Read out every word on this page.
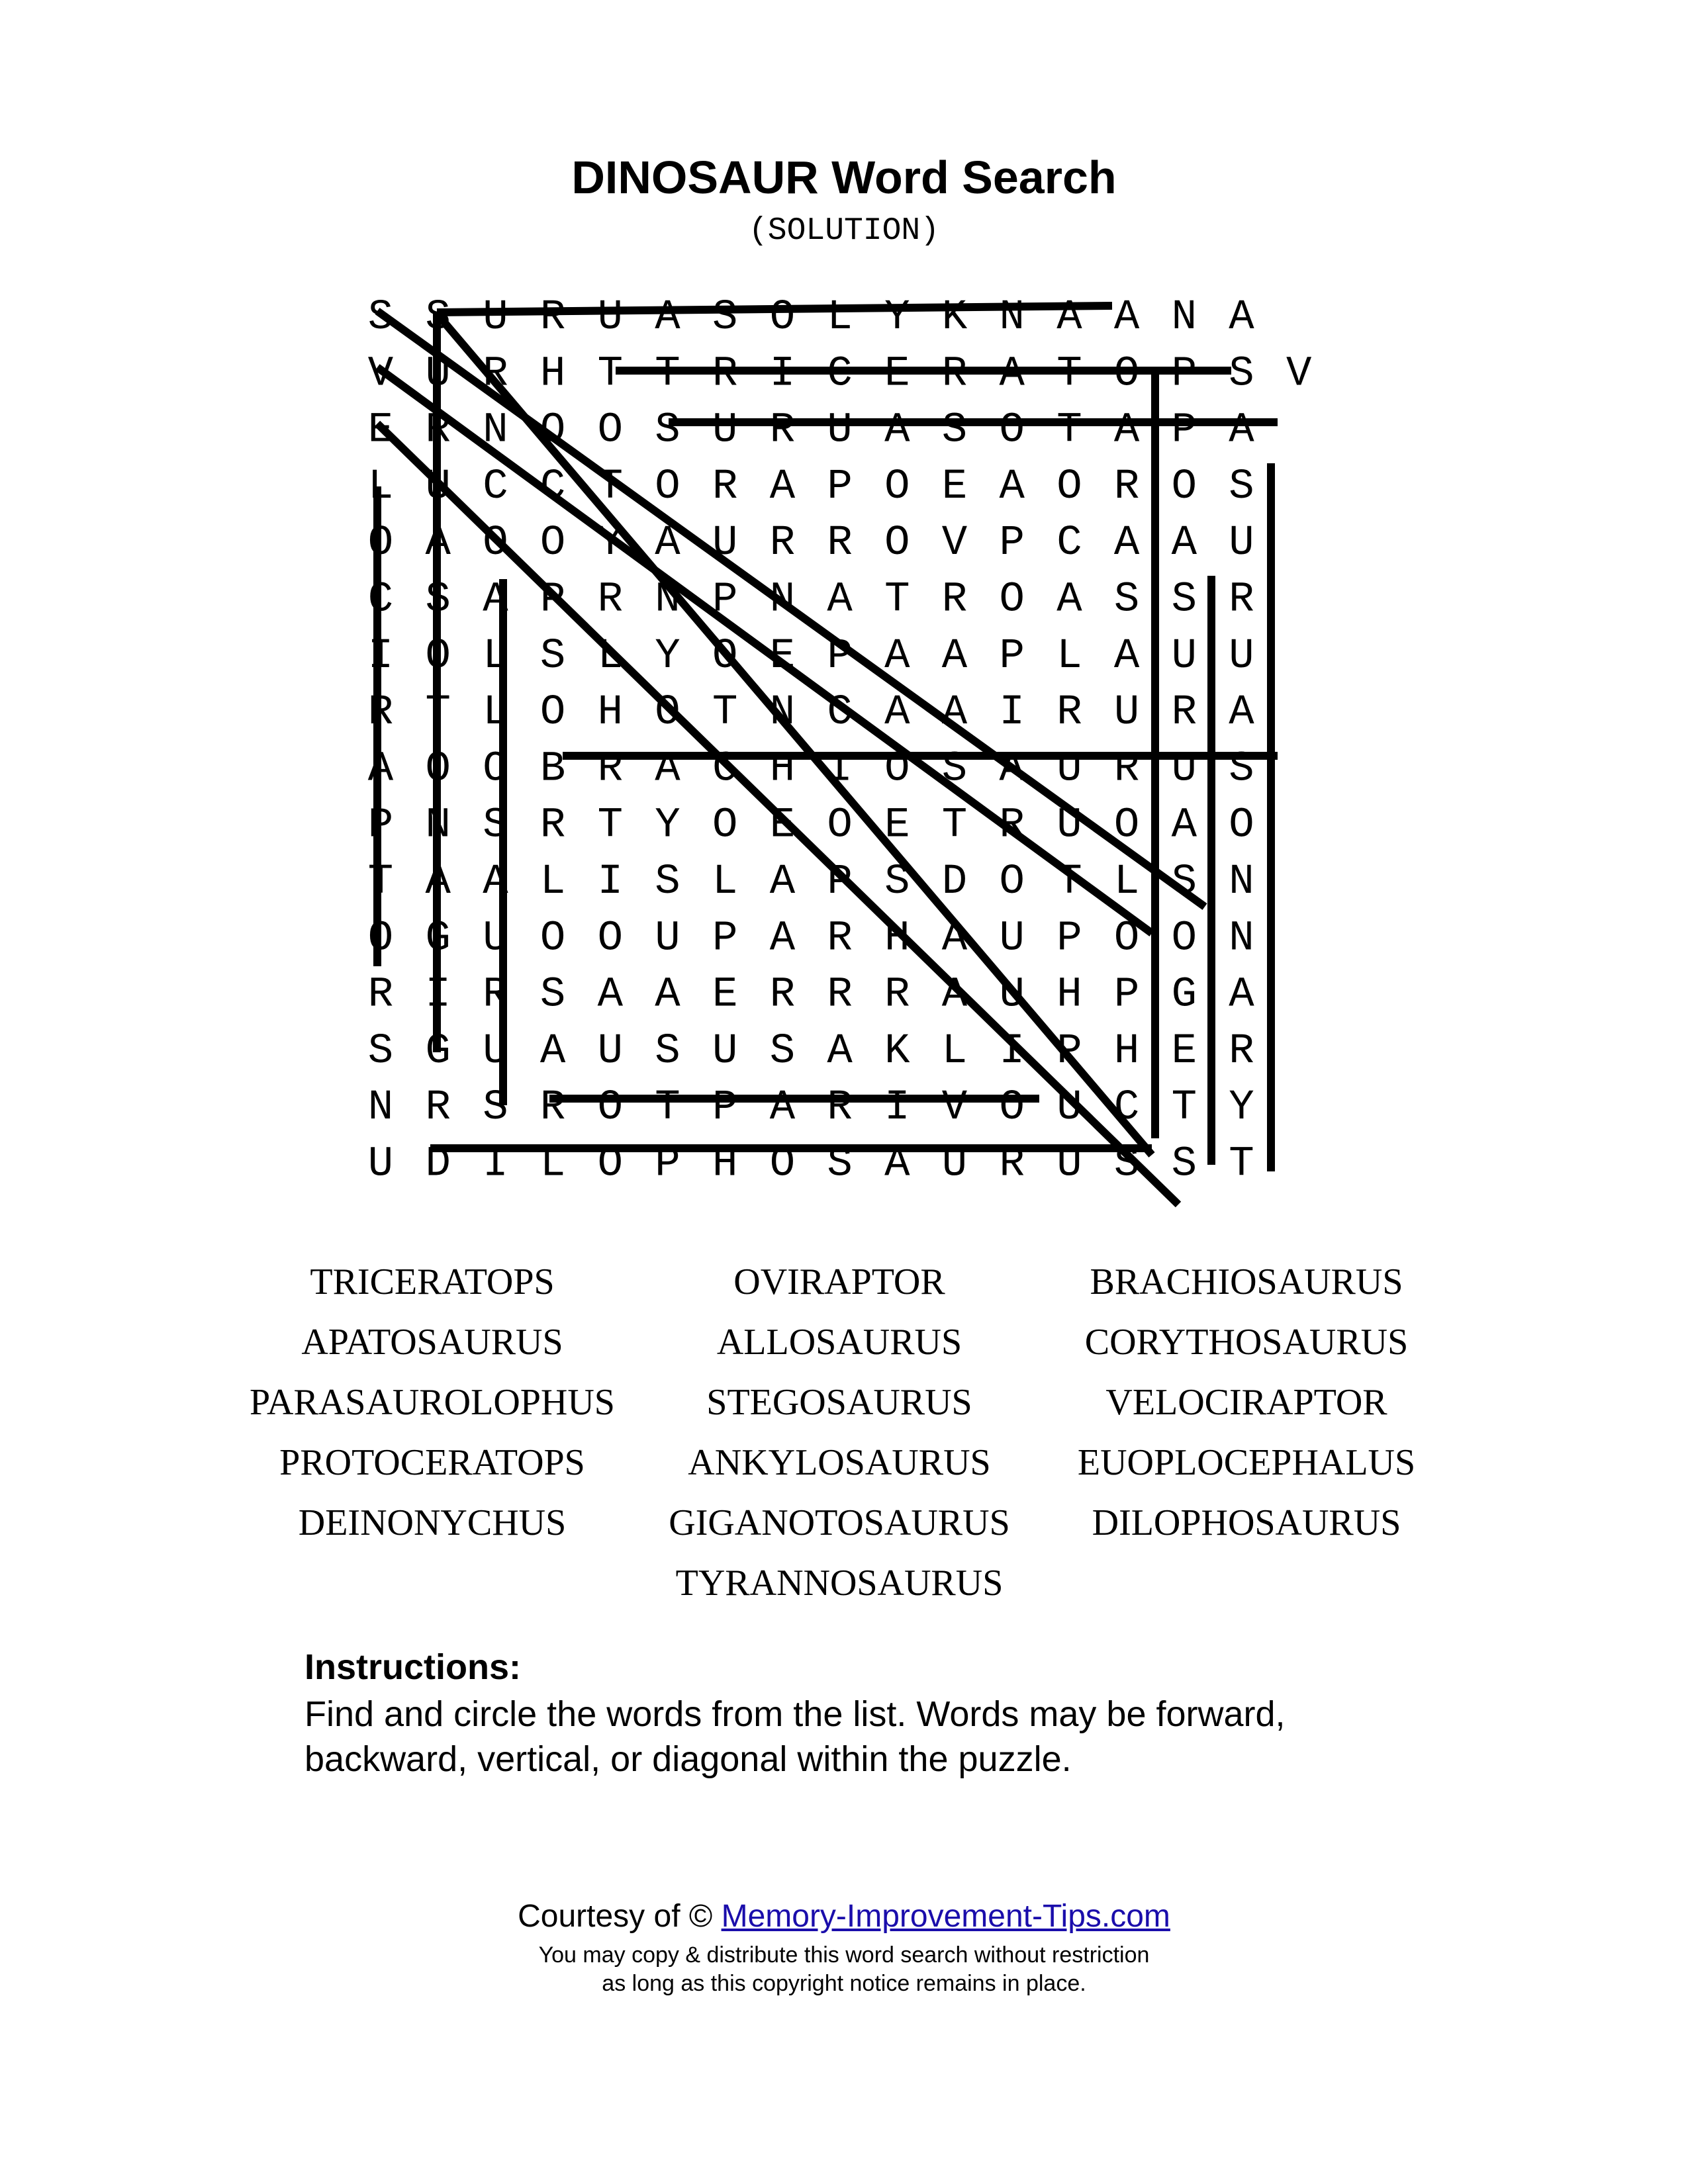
DINOSAUR Word Search
(SOLUTION)
S S U R U A S O L Y K N A A N A
V U R H T T R I C E R A T O P S V
E R N O O S U R U A S O T A P A
L U C C T O R A P O E A O R O S
O A O O Y A U R R O V P C A A U
C S A P R N P N A T R O A S S R
I O L S L Y O E P A A P L A U U
R T L O H O T N C A A I R U R A
A O O B R A C H I O S A U R U S
P N S R T Y O E O E T R U O A O
T A A L I S L A P S D O T L S N
O G U O O U P A R H A U P O O N
R I R S A A E R R R A U H P G A
S G U A U S U S A K L I P H E R
N R S R O T P A R I V O U C T Y
U D I L O P H O S A U R U S S T
TRICERATOPS
APATOSAURUS
PARASAUROLOPHUS
PROTOCERATOPS
DEINONYCHUS
OVIRAPTOR
ALLOSAURUS
STEGOSAURUS
ANKYLOSAURUS
GIGANOTOSAURUS
TYRANNOSAURUS
BRACHIOSAURUS
CORYTHOSAURUS
VELOCIRAPTOR
EUOPLOCEPHALUS
DILOPHOSAURUS
Instructions:
Find and circle the words from the list. Words may be forward,
backward, vertical, or diagonal within the puzzle.
Courtesy of © Memory-Improvement-Tips.com
You may copy & distribute this word search without restriction
as long as this copyright notice remains in place.
